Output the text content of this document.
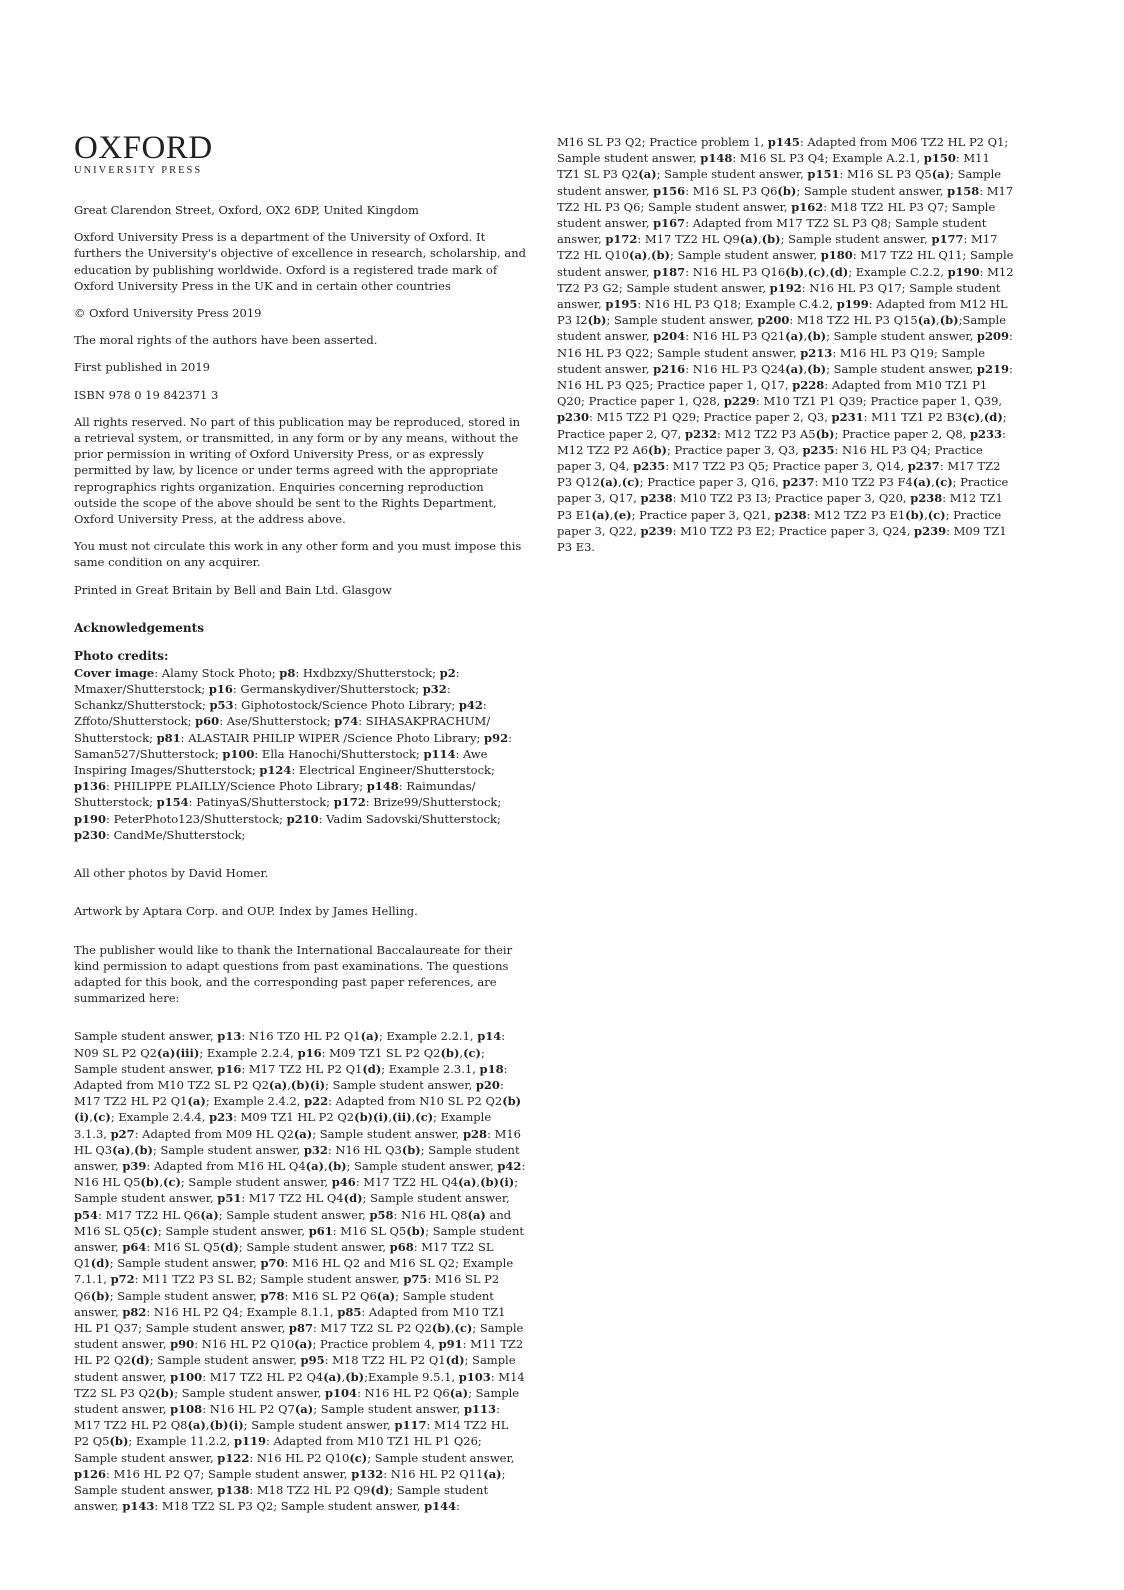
OXFORD
UNIVERSITY PRESS

Great Clarendon Street, Oxford, OX2 6DP, United Kingdom

Oxford University Press is a department of the University of Oxford. It furthers the University's objective of excellence in research, scholarship, and education by publishing worldwide. Oxford is a registered trade mark of Oxford University Press in the UK and in certain other countries

© Oxford University Press 2019

The moral rights of the authors have been asserted.

First published in 2019

ISBN 978 0 19 842371 3

All rights reserved. No part of this publication may be reproduced, stored in a retrieval system, or transmitted, in any form or by any means, without the prior permission in writing of Oxford University Press, or as expressly permitted by law, by licence or under terms agreed with the appropriate reprographics rights organization. Enquiries concerning reproduction outside the scope of the above should be sent to the Rights Department, Oxford University Press, at the address above.

You must not circulate this work in any other form and you must impose this same condition on any acquirer.

Printed in Great Britain by Bell and Bain Ltd. Glasgow

Acknowledgements

Photo credits:

Cover image: Alamy Stock Photo; p8: Hxdbzxy/Shutterstock; p2: Mmaxer/Shutterstock; p16: Germanskydiver/Shutterstock; p32: Schankz/Shutterstock; p53: Giphotostock/Science Photo Library; p42: Zffoto/Shutterstock; p60: Ase/Shutterstock; p74: SIHASAKPRACHUM/ Shutterstock; p81: ALASTAIR PHILIP WIPER /Science Photo Library; p92: Saman527/Shutterstock; p100: Ella Hanochi/Shutterstock; p114: Awe Inspiring Images/Shutterstock; p124: Electrical Engineer/Shutterstock; p136: PHILIPPE PLAILLY/Science Photo Library; p148: Raimundas/ Shutterstock; p154: PatinyaS/Shutterstock; p172: Brize99/Shutterstock; p190: PeterPhoto123/Shutterstock; p210: Vadim Sadovski/Shutterstock; p230: CandMe/Shutterstock;

All other photos by David Homer.

Artwork by Aptara Corp. and OUP. Index by James Helling.

The publisher would like to thank the International Baccalaureate for their kind permission to adapt questions from past examinations. The questions adapted for this book, and the corresponding past paper references, are summarized here:

Sample student answer, p13: N16 TZ0 HL P2 Q1(a); Example 2.2.1, p14: N09 SL P2 Q2(a)(iii); Example 2.2.4, p16: M09 TZ1 SL P2 Q2(b),(c); Sample student answer, p16: M17 TZ2 HL P2 Q1(d); Example 2.3.1, p18: Adapted from M10 TZ2 SL P2 Q2(a),(b)(i); Sample student answer, p20: M17 TZ2 HL P2 Q1(a); Example 2.4.2, p22: Adapted from N10 SL P2 Q2(b)(i),(c); Example 2.4.4, p23: M09 TZ1 HL P2 Q2(b)(i),(ii),(c); Example 3.1.3, p27: Adapted from M09 HL Q2(a); Sample student answer, p28: M16 HL Q3(a),(b); Sample student answer, p32: N16 HL Q3(b); Sample student answer, p39: Adapted from M16 HL Q4(a),(b); Sample student answer, p42: N16 HL Q5(b),(c); Sample student answer, p46: M17 TZ2 HL Q4(a),(b)(i); Sample student answer, p51: M17 TZ2 HL Q4(d); Sample student answer, p54: M17 TZ2 HL Q6(a); Sample student answer, p58: N16 HL Q8(a) and M16 SL Q5(c); Sample student answer, p61: M16 SL Q5(b); Sample student answer, p64: M16 SL Q5(d); Sample student answer, p68: M17 TZ2 SL Q1(d); Sample student answer, p70: M16 HL Q2 and M16 SL Q2; Example 7.1.1, p72: M11 TZ2 P3 SL B2; Sample student answer, p75: M16 SL P2 Q6(b); Sample student answer, p78: M16 SL P2 Q6(a); Sample student answer, p82: N16 HL P2 Q4; Example 8.1.1, p85: Adapted from M10 TZ1 HL P1 Q37; Sample student answer, p87: M17 TZ2 SL P2 Q2(b),(c); Sample student answer, p90: N16 HL P2 Q10(a); Practice problem 4, p91: M11 TZ2 HL P2 Q2(d); Sample student answer, p95: M18 TZ2 HL P2 Q1(d); Sample student answer, p100: M17 TZ2 HL P2 Q4(a),(b);Example 9.5.1, p103: M14 TZ2 SL P3 Q2(b); Sample student answer, p104: N16 HL P2 Q6(a); Sample student answer, p108: N16 HL P2 Q7(a); Sample student answer, p113: M17 TZ2 HL P2 Q8(a),(b)(i); Sample student answer, p117: M14 TZ2 HL P2 Q5(b); Example 11.2.2, p119: Adapted from M10 TZ1 HL P1 Q26; Sample student answer, p122: N16 HL P2 Q10(c); Sample student answer, p126: M16 HL P2 Q7; Sample student answer, p132: N16 HL P2 Q11(a); Sample student answer, p138: M18 TZ2 HL P2 Q9(d); Sample student answer, p143: M18 TZ2 SL P3 Q2; Sample student answer, p144:

M16 SL P3 Q2; Practice problem 1, p145: Adapted from M06 TZ2 HL P2 Q1; Sample student answer, p148: M16 SL P3 Q4; Example A.2.1, p150: M11 TZ1 SL P3 Q2(a); Sample student answer, p151: M16 SL P3 Q5(a); Sample student answer, p156: M16 SL P3 Q6(b); Sample student answer, p158: M17 TZ2 HL P3 Q6; Sample student answer, p162: M18 TZ2 HL P3 Q7; Sample student answer, p167: Adapted from M17 TZ2 SL P3 Q8; Sample student answer, p172: M17 TZ2 HL Q9(a),(b); Sample student answer, p177: M17 TZ2 HL Q10(a),(b); Sample student answer, p180: M17 TZ2 HL Q11; Sample student answer, p187: N16 HL P3 Q16(b),(c),(d); Example C.2.2, p190: M12 TZ2 P3 G2; Sample student answer, p192: N16 HL P3 Q17; Sample student answer, p195: N16 HL P3 Q18; Example C.4.2, p199: Adapted from M12 HL P3 I2(b); Sample student answer, p200: M18 TZ2 HL P3 Q15(a),(b);Sample student answer, p204: N16 HL P3 Q21(a),(b); Sample student answer, p209: N16 HL P3 Q22; Sample student answer, p213: M16 HL P3 Q19; Sample student answer, p216: N16 HL P3 Q24(a),(b); Sample student answer, p219: N16 HL P3 Q25; Practice paper 1, Q17, p228: Adapted from M10 TZ1 P1 Q20; Practice paper 1, Q28, p229: M10 TZ1 P1 Q39; Practice paper 1, Q39, p230: M15 TZ2 P1 Q29; Practice paper 2, Q3, p231: M11 TZ1 P2 B3(c),(d); Practice paper 2, Q7, p232: M12 TZ2 P3 A5(b); Practice paper 2, Q8, p233: M12 TZ2 P2 A6(b); Practice paper 3, Q3, p235: N16 HL P3 Q4; Practice paper 3, Q4, p235: M17 TZ2 P3 Q5; Practice paper 3, Q14, p237: M17 TZ2 P3 Q12(a),(c); Practice paper 3, Q16, p237: M10 TZ2 P3 F4(a),(c); Practice paper 3, Q17, p238: M10 TZ2 P3 I3; Practice paper 3, Q20, p238: M12 TZ1 P3 E1(a),(e); Practice paper 3, Q21, p238: M12 TZ2 P3 E1(b),(c); Practice paper 3, Q22, p239: M10 TZ2 P3 E2; Practice paper 3, Q24, p239: M09 TZ1 P3 E3.
